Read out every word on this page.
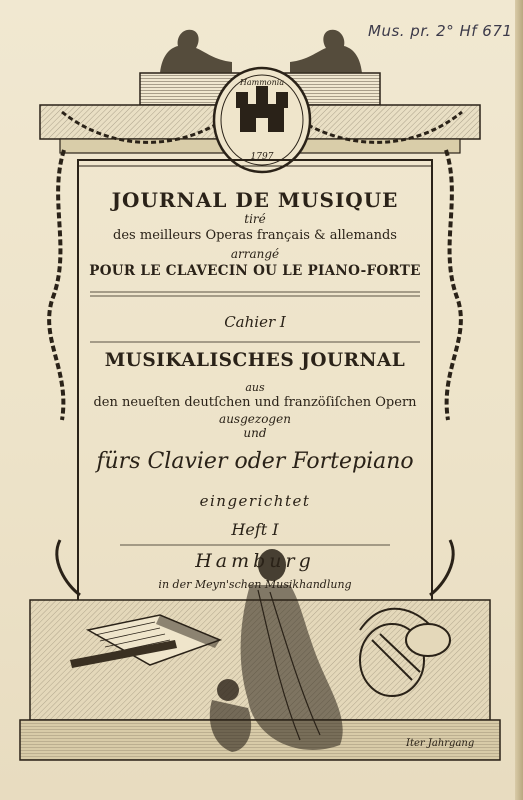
Mus. pr. 2° Hf 671
Hammonia
1797
JOURNAL DE MUSIQUE
tiré
des meilleurs Operas français & allemands
arrangé
POUR LE CLAVECIN OU LE PIANO-FORTE
Cahier I
MUSIKALISCHES JOURNAL
aus
den neueſten deutſchen und franzöſiſchen Opern
ausgezogen
und
fürs Clavier oder Fortepiano
eingerichtet
Heft I
Hamburg
in der Meyn'schen Musikhandlung
Iter Jahrgang
